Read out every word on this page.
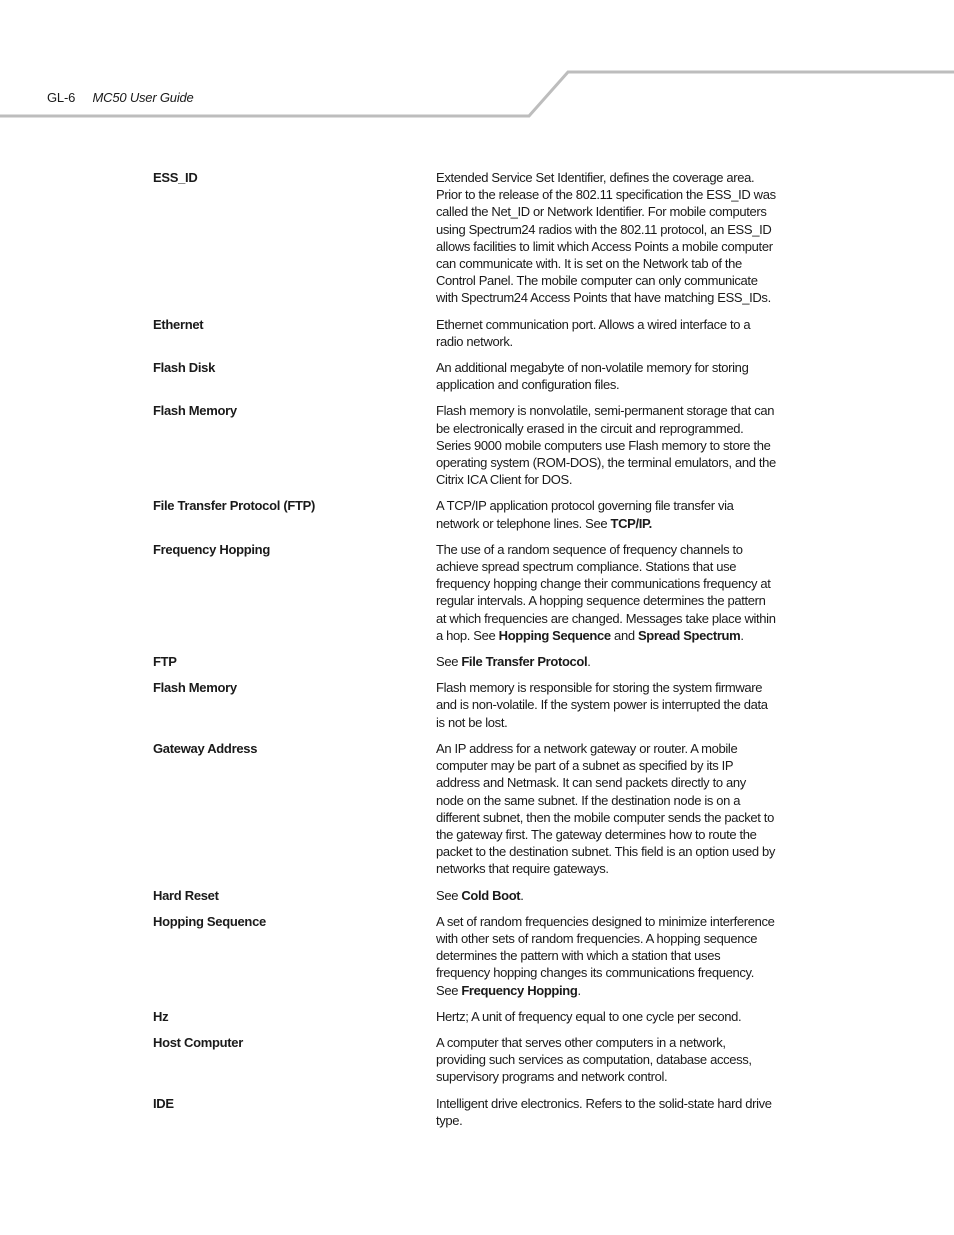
GL-6 MC50 User Guide
ESS_ID	Extended Service Set Identifier, defines the coverage area. Prior to the release of the 802.11 specification the ESS_ID was called the Net_ID or Network Identifier. For mobile computers using Spectrum24 radios with the 802.11 protocol, an ESS_ID allows facilities to limit which Access Points a mobile computer can communicate with. It is set on the Network tab of the Control Panel. The mobile computer can only communicate with Spectrum24 Access Points that have matching ESS_IDs.
Ethernet	Ethernet communication port. Allows a wired interface to a radio network.
Flash Disk	An additional megabyte of non-volatile memory for storing application and configuration files.
Flash Memory	Flash memory is nonvolatile, semi-permanent storage that can be electronically erased in the circuit and reprogrammed. Series 9000 mobile computers use Flash memory to store the operating system (ROM-DOS), the terminal emulators, and the Citrix ICA Client for DOS.
File Transfer Protocol (FTP)	A TCP/IP application protocol governing file transfer via network or telephone lines. See TCP/IP.
Frequency Hopping	The use of a random sequence of frequency channels to achieve spread spectrum compliance. Stations that use frequency hopping change their communications frequency at regular intervals. A hopping sequence determines the pattern at which frequencies are changed. Messages take place within a hop. See Hopping Sequence and Spread Spectrum.
FTP	See File Transfer Protocol.
Flash Memory	Flash memory is responsible for storing the system firmware and is non-volatile. If the system power is interrupted the data is not be lost.
Gateway Address	An IP address for a network gateway or router. A mobile computer may be part of a subnet as specified by its IP address and Netmask. It can send packets directly to any node on the same subnet. If the destination node is on a different subnet, then the mobile computer sends the packet to the gateway first. The gateway determines how to route the packet to the destination subnet. This field is an option used by networks that require gateways.
Hard Reset	See Cold Boot.
Hopping Sequence	A set of random frequencies designed to minimize interference with other sets of random frequencies. A hopping sequence determines the pattern with which a station that uses frequency hopping changes its communications frequency. See Frequency Hopping.
Hz	Hertz; A unit of frequency equal to one cycle per second.
Host Computer	A computer that serves other computers in a network, providing such services as computation, database access, supervisory programs and network control.
IDE	Intelligent drive electronics. Refers to the solid-state hard drive type.
